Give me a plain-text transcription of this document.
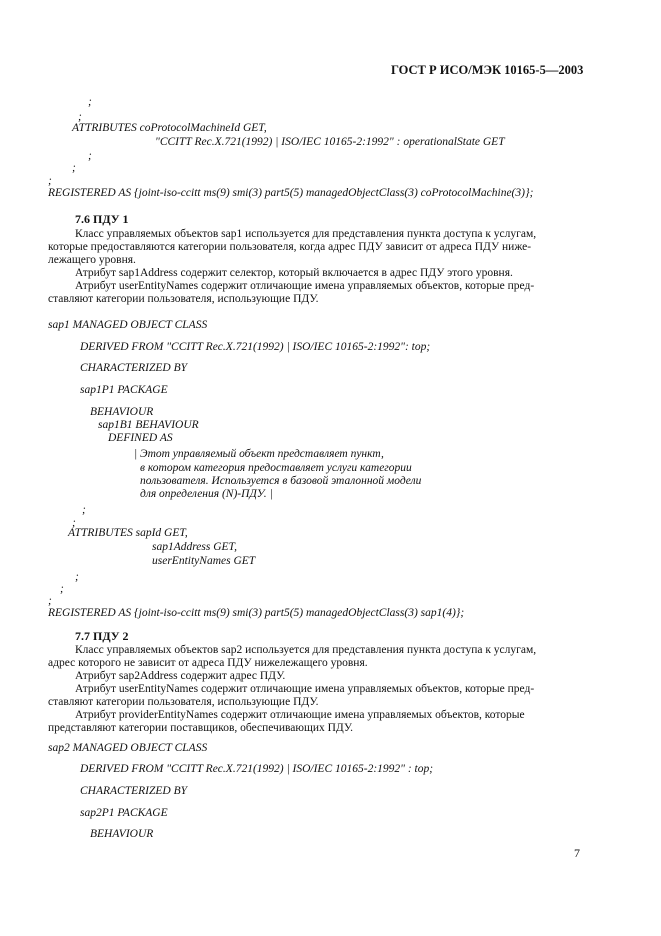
ГОСТ Р ИСО/МЭК 10165-5—2003
;
;
ATTRIBUTES coProtocolMachineId GET,
"CCITT Rec.X.721(1992) | ISO/IEC 10165-2:1992" : operationalState GET
;
;
;
REGISTERED AS {joint-iso-ccitt ms(9) smi(3) part5(5) managedObjectClass(3) coProtocolMachine(3)};
7.6 ПДУ 1
Класс управляемых объектов sap1 используется для представления пункта доступа к услугам,
которые предоставляются категории пользователя, когда адрес ПДУ зависит от адреса ПДУ ниже-
лежащего уровня.
Атрибут sap1Address содержит селектор, который включается в адрес ПДУ этого уровня.
Атрибут userEntityNames содержит отличающие имена управляемых объектов, которые пред-
ставляют категории пользователя, использующие ПДУ.
sap1 MANAGED OBJECT CLASS
DERIVED FROM "CCITT Rec.X.721(1992) | ISO/IEC 10165-2:1992": top;
CHARACTERIZED BY
sap1P1 PACKAGE
BEHAVIOUR
sap1B1 BEHAVIOUR
DEFINED AS
| Этот управляемый объект представляет пункт,
в котором категория предоставляет услуги категории
пользователя. Используется в базовой эталонной модели
для определения (N)-ПДУ. |
;
;
ATTRIBUTES sapId GET,
sap1Address GET,
userEntityNames GET
;
;
;
REGISTERED AS {joint-iso-ccitt ms(9) smi(3) part5(5) managedObjectClass(3) sap1(4)};
7.7 ПДУ 2
Класс управляемых объектов sap2 используется для представления пункта доступа к услугам,
адрес которого не зависит от адреса ПДУ нижележащего уровня.
Атрибут sap2Address содержит адрес ПДУ.
Атрибут userEntityNames содержит отличающие имена управляемых объектов, которые пред-
ставляют категории пользователя, использующие ПДУ.
Атрибут providerEntityNames содержит отличающие имена управляемых объектов, которые
представляют категории поставщиков, обеспечивающих ПДУ.
sap2 MANAGED OBJECT CLASS
DERIVED FROM "CCITT Rec.X.721(1992) | ISO/IEC 10165-2:1992" : top;
CHARACTERIZED BY
sap2P1 PACKAGE
BEHAVIOUR
7
